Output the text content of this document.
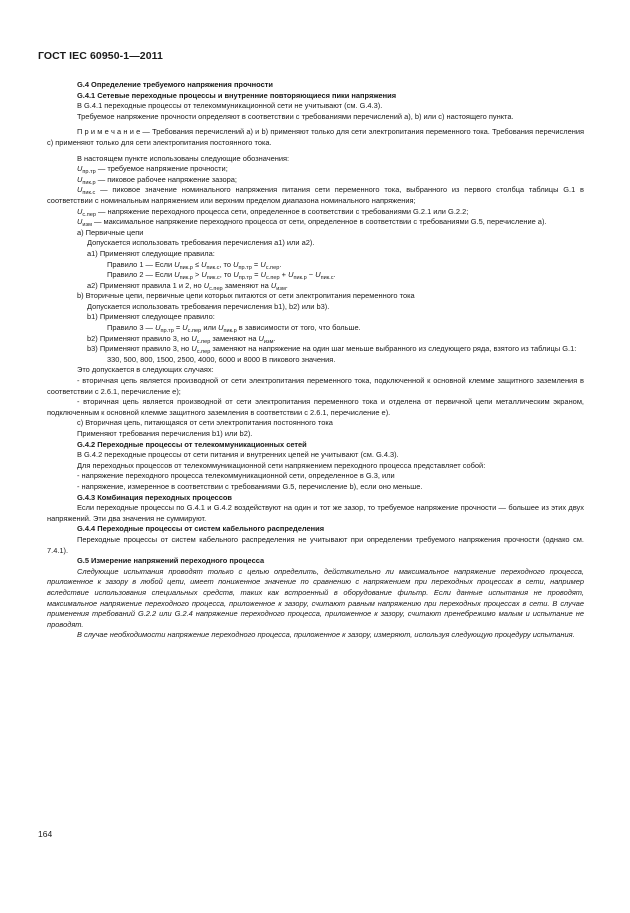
ГОСТ IEC 60950-1—2011
G.4 Определение требуемого напряжения прочности
G.4.1 Сетевые переходные процессы и внутренние повторяющиеся пики напряжения

В G.4.1 переходные процессы от телекоммуникационной сети не учитывают (см. G.4.3).

Требуемое напряжение прочности определяют в соответствии с требованиями перечислений a), b) или c) настоящего пункта.

П р и м е ч а н и е — Требования перечислений a) и b) применяют только для сети электропитания переменного тока. Требования перечисления c) применяют только для сети электропитания постоянного тока.

В настоящем пункте использованы следующие обозначения:

$U_{пр.тр}$ — требуемое напряжение прочности;

$U_{пик.р}$ — пиковое рабочее напряжение зазора;

$U_{пик.с}$ — пиковое значение номинального напряжения питания сети переменного тока, выбранного из первого столбца таблицы G.1 в соответствии с номинальным напряжением или верхним пределом диапазона номинального напряжения;

$U_{с.пер}$ — напряжение переходного процесса сети, определенное в соответствии с требованиями G.2.1 или G.2.2;

$U_{изм}$ — максимальное напряжение переходного процесса от сети, определенное в соответствии с требованиями G.5, перечисление a).

a) Первичные цепи
Допускается использовать требования перечисления a1) или a2).
a1) Применяют следующие правила:
Правило 1 — Если $U_{пик.р} \le U_{пик.с}$, то $U_{пр.тр} = U_{с.пер}$.
Правило 2 — Если $U_{пик.р} > U_{пик.с}$, то $U_{пр.тр} = U_{с.пер} + U_{пик.р} - U_{пик.с}$.
a2) Применяют правила 1 и 2, но $U_{с.пер}$ заменяют на $U_{изм}$.
b) Вторичные цепи, первичные цепи которых питаются от сети электропитания переменного тока
Допускается использовать требования перечисления b1), b2) или b3).
b1) Применяют следующее правило:
Правило 3 — $U_{пр.тр} = U_{с.пер}$ или $U_{пик.р}$ в зависимости от того, что больше.
b2) Применяют правило 3, но $U_{с.пер}$ заменяют на $U_{изм}$.

b3) Применяют правило 3, но $U_{с.пер}$ заменяют на напряжение на один шаг меньше выбранного из следующего ряда, взятого из таблицы G.1:

330, 500, 800, 1500, 2500, 4000, 6000 и 8000 В пикового значения.
Это допускается в следующих случаях:

- вторичная цепь является производной от сети электропитания переменного тока, подключенной к основной клемме защитного заземления в соответствии с 2.6.1, перечисление e);

- вторичная цепь является производной от сети электропитания переменного тока и отделена от первичной цепи металлическим экраном, подключенным к основной клемме защитного заземления в соответствии с 2.6.1, перечисление e).

c) Вторичная цепь, питающаяся от сети электропитания постоянного тока
Применяют требования перечисления b1) или b2).
G.4.2 Переходные процессы от телекоммуникационных сетей

В G.4.2 переходные процессы от сети питания и внутренних цепей не учитывают (см. G.4.3).

Для переходных процессов от телекоммуникационной сети напряжением переходного процесса представляет собой:

- напряжение переходного процесса телекоммуникационной сети, определенное в G.3, или

- напряжение, измеренное в соответствии с требованиями G.5, перечисление b), если оно меньше.

G.4.3 Комбинация переходных процессов

Если переходные процессы по G.4.1 и G.4.2 воздействуют на один и тот же зазор, то требуемое напряжение прочности — большее из этих двух напряжений. Эти два значения не суммируют.

G.4.4 Переходные процессы от систем кабельного распределения

Переходные процессы от систем кабельного распределения не учитывают при определении требуемого напряжения прочности (однако см. 7.4.1).

G.5 Измерение напряжений переходного процесса

Следующие испытания проводят только с целью определить, действительно ли максимальное напряжение переходного процесса, приложенное к зазору в любой цепи, имеет пониженное значение по сравнению с напряжением при переходных процессах в сети, например вследствие использования специальных средств, таких как встроенный в оборудование фильтр. Если данные испытания не проводят, максимальное напряжение переходного процесса, приложенное к зазору, считают равным напряжению при переходных процессах в сети. В случае применения требований G.2.2 или G.2.4 напряжение переходного процесса, приложенное к зазору, считают пренебрежимо малым и испытание не проводят.

В случае необходимости напряжение переходного процесса, приложенное к зазору, измеряют, используя следующую процедуру испытания.

164
